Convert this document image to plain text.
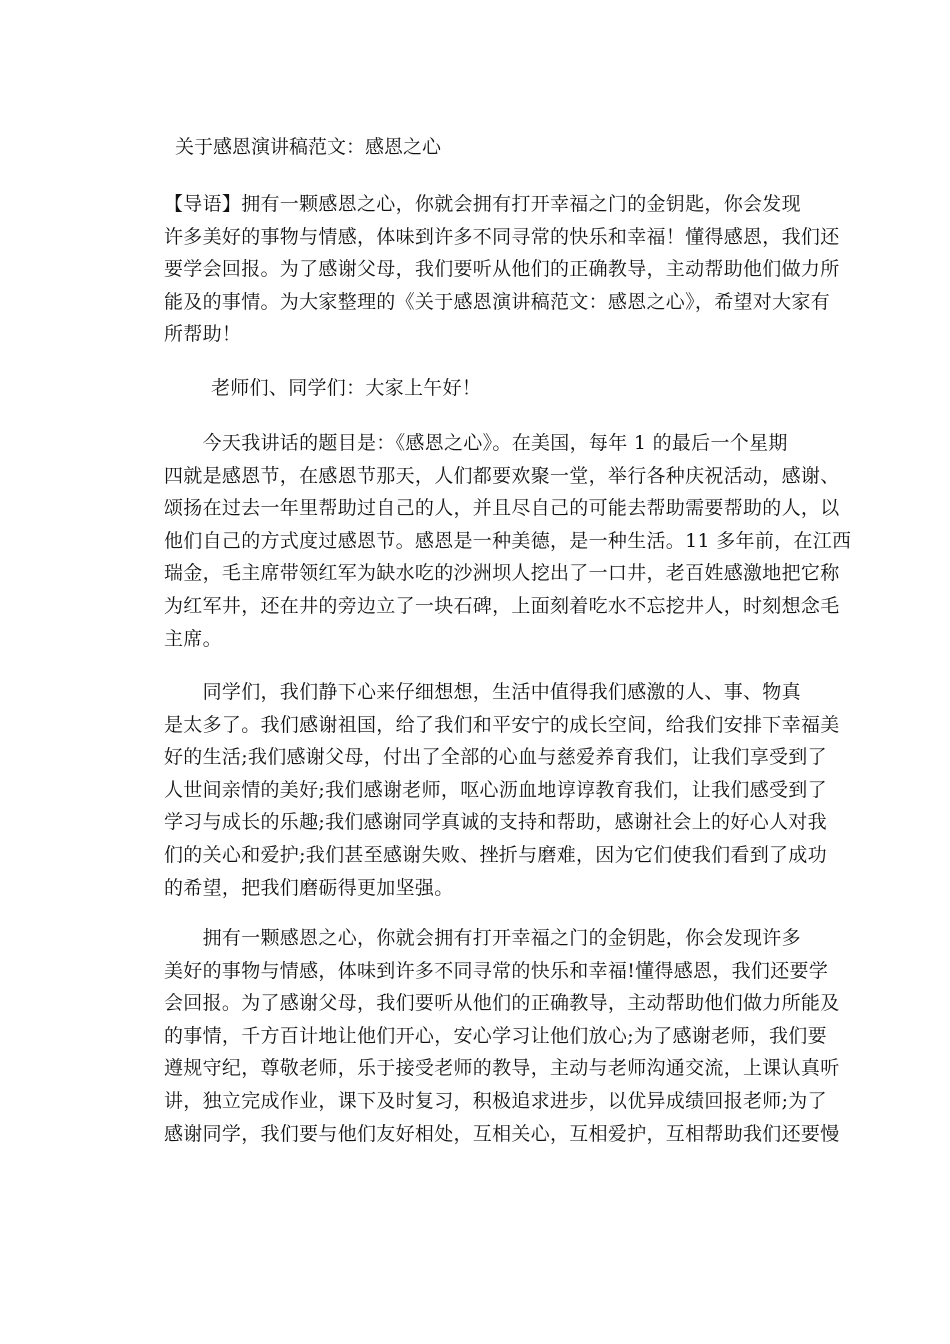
关于感恩演讲稿范文：感恩之心
【导语】拥有一颗感恩之心，你就会拥有打开幸福之门的金钥匙，你会发现
许多美好的事物与情感，体味到许多不同寻常的快乐和幸福！懂得感恩，我们还
要学会回报。为了感谢父母，我们要听从他们的正确教导，主动帮助他们做力所
能及的事情。为大家整理的《关于感恩演讲稿范文：感恩之心》，希望对大家有
所帮助！
老师们、同学们：大家上午好！
　　今天我讲话的题目是：《感恩之心》。在美国，每年 1 的最后一个星期
四就是感恩节，在感恩节那天，人们都要欢聚一堂，举行各种庆祝活动，感谢、
颂扬在过去一年里帮助过自己的人，并且尽自己的可能去帮助需要帮助的人，以
他们自己的方式度过感恩节。感恩是一种美德，是一种生活。11 多年前，在江西
瑞金，毛主席带领红军为缺水吃的沙洲坝人挖出了一口井，老百姓感激地把它称
为红军井，还在井的旁边立了一块石碑，上面刻着吃水不忘挖井人，时刻想念毛
主席。
　　同学们，我们静下心来仔细想想，生活中值得我们感激的人、事、物真
是太多了。我们感谢祖国，给了我们和平安宁的成长空间，给我们安排下幸福美
好的生活;我们感谢父母，付出了全部的心血与慈爱养育我们，让我们享受到了
人世间亲情的美好;我们感谢老师，呕心沥血地谆谆教育我们，让我们感受到了
学习与成长的乐趣;我们感谢同学真诚的支持和帮助，感谢社会上的好心人对我
们的关心和爱护;我们甚至感谢失败、挫折与磨难，因为它们使我们看到了成功
的希望，把我们磨砺得更加坚强。
　　拥有一颗感恩之心，你就会拥有打开幸福之门的金钥匙，你会发现许多
美好的事物与情感，体味到许多不同寻常的快乐和幸福!懂得感恩，我们还要学
会回报。为了感谢父母，我们要听从他们的正确教导，主动帮助他们做力所能及
的事情，千方百计地让他们开心，安心学习让他们放心;为了感谢老师，我们要
遵规守纪，尊敬老师，乐于接受老师的教导，主动与老师沟通交流，上课认真听
讲，独立完成作业，课下及时复习，积极追求进步，以优异成绩回报老师;为了
感谢同学，我们要与他们友好相处，互相关心，互相爱护，互相帮助我们还要慢
